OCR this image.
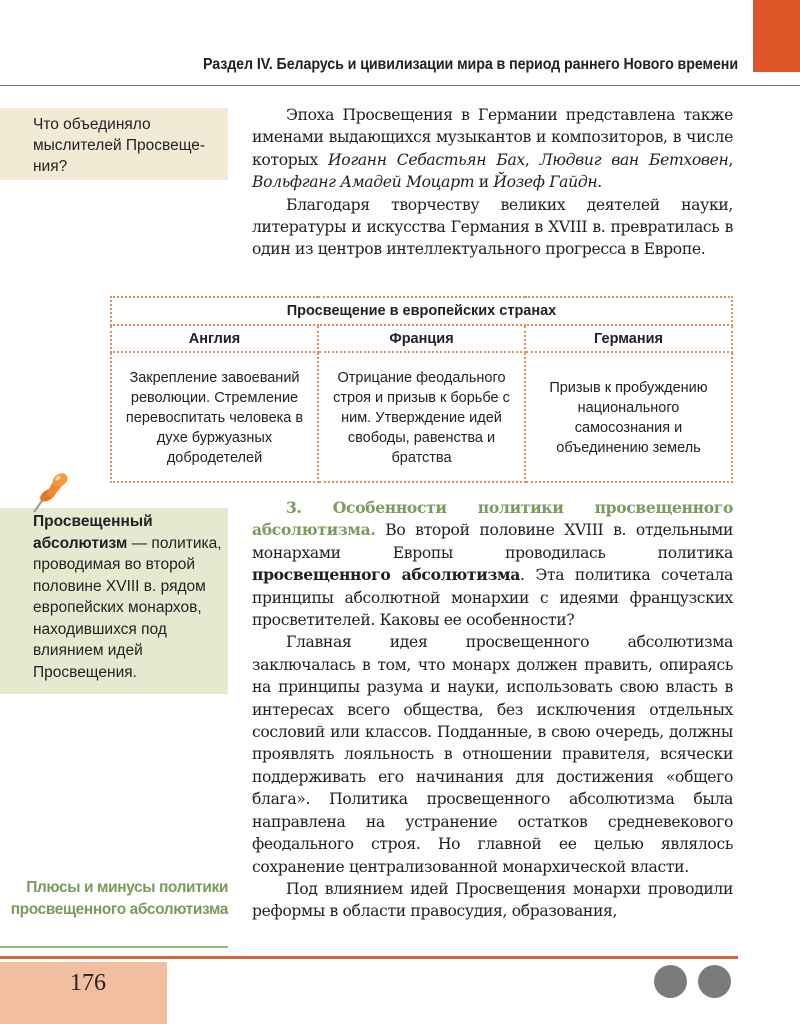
Раздел IV. Беларусь и цивилизации мира в период раннего Нового времени
Что объединяло мыслителей Просвеще-ния?

Эпоха Просвещения в Германии представлена также именами выдающихся музыкантов и композиторов, в числе которых Иоганн Себастьян Бах, Людвиг ван Бетховен, Вольфганг Амадей Моцарт и Йозеф Гайдн.

Благодаря творчеству великих деятелей науки, литературы и искусства Германия в XVIII в. превратилась в один из центров интеллектуального прогресса в Европе.

Просвещение в европейских странах		
Англия	Франция	Германия
Закрепление завоеваний революции. Стремление перевоспитать человека в духе буржуазных добродетелей	Отрицание феодального строя и призыв к борьбе с ним. Утверждение идей свободы, равенства и братства	Призыв к пробуждению национального самосознания и объединению земель
Просвещенный абсолютизм — политика, проводимая во второй половине XVIII в. рядом европейских монархов, находившихся под влиянием идей Просвещения.

3. Особенности политики просвещенного абсолютизма. Во второй половине XVIII в. отдельными монархами Европы проводилась политика просвещенного абсолютизма. Эта политика сочетала принципы абсолютной монархии с идеями французских просветителей. Каковы ее особенности?

Главная идея просвещенного абсолютизма заключалась в том, что монарх должен править, опираясь на принципы разума и науки, использовать свою власть в интересах всего общества, без исключения отдельных сословий или классов. Подданные, в свою очередь, должны проявлять лояльность в отношении правителя, всячески поддерживать его начинания для достижения «общего блага». Политика просвещенного абсолютизма была направлена на устранение остатков средневекового феодального строя. Но главной ее целью являлось сохранение централизованной монархической власти.

Под влиянием идей Просвещения монархи проводили реформы в области правосудия, образования,

Плюсы и минусы политики просвещенного абсолютизма
176
